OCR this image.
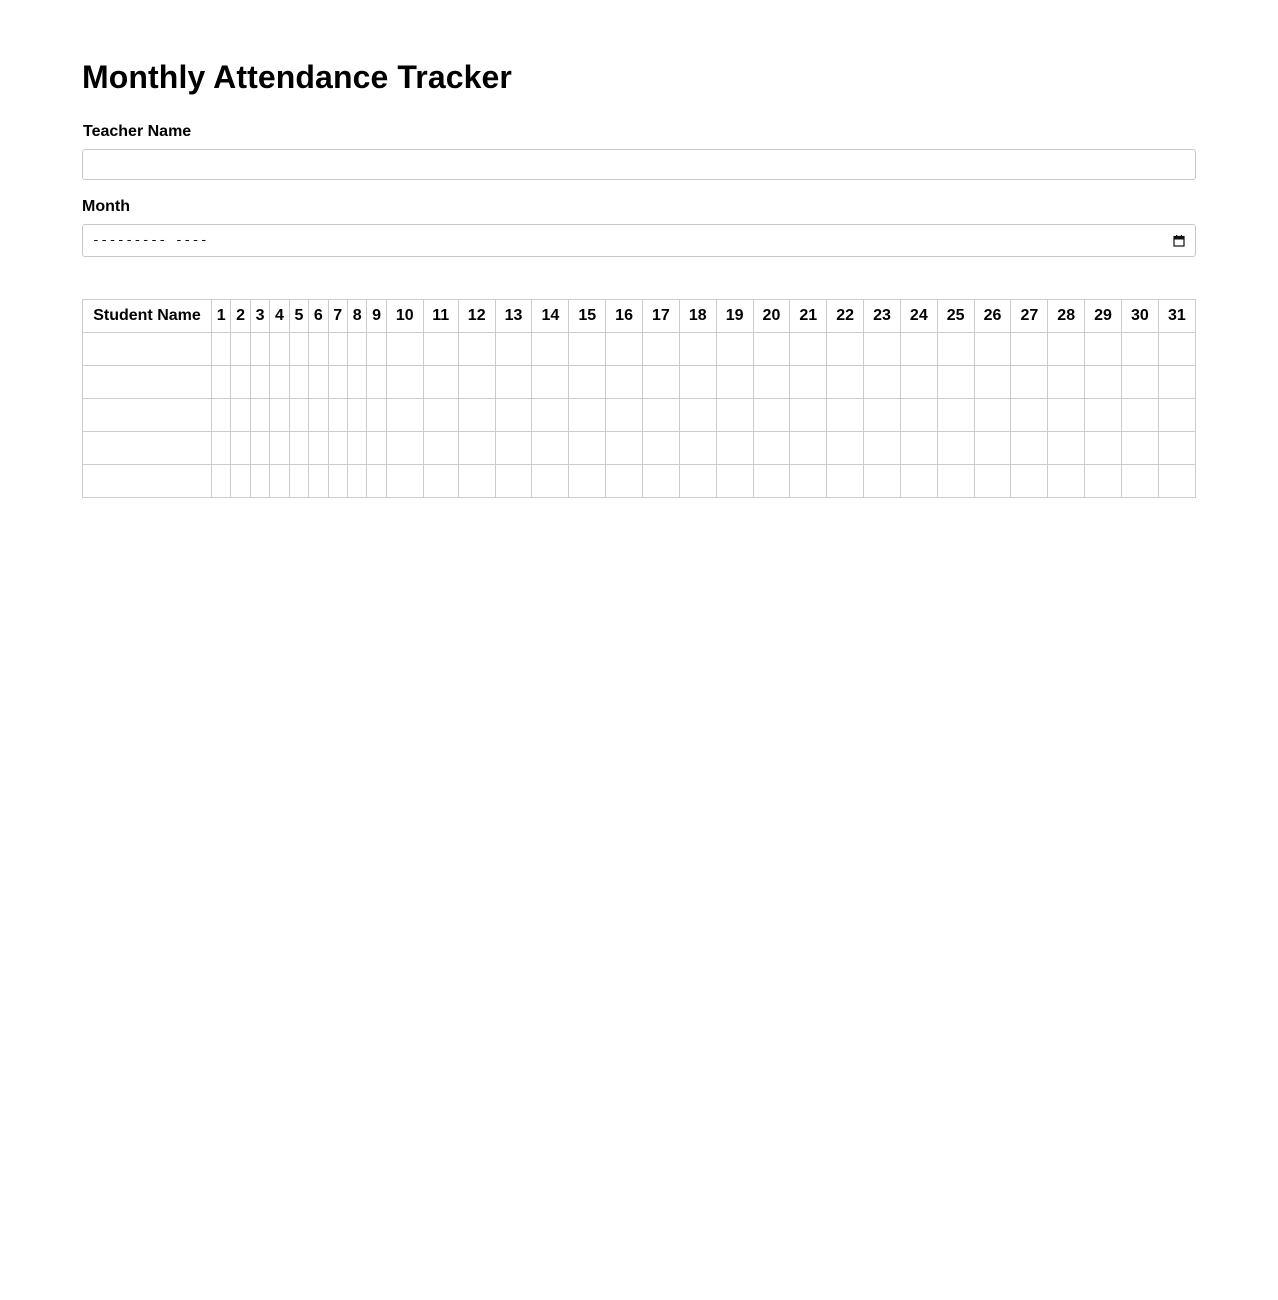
Monthly Attendance Tracker
Teacher Name
Month
--------- ----
Student Name	1	2	3	4	5	6	7	8	9	10	11	12	13	14	15	16	17	18	19	20	21	22	23	24	25	26	27	28	29	30	31
